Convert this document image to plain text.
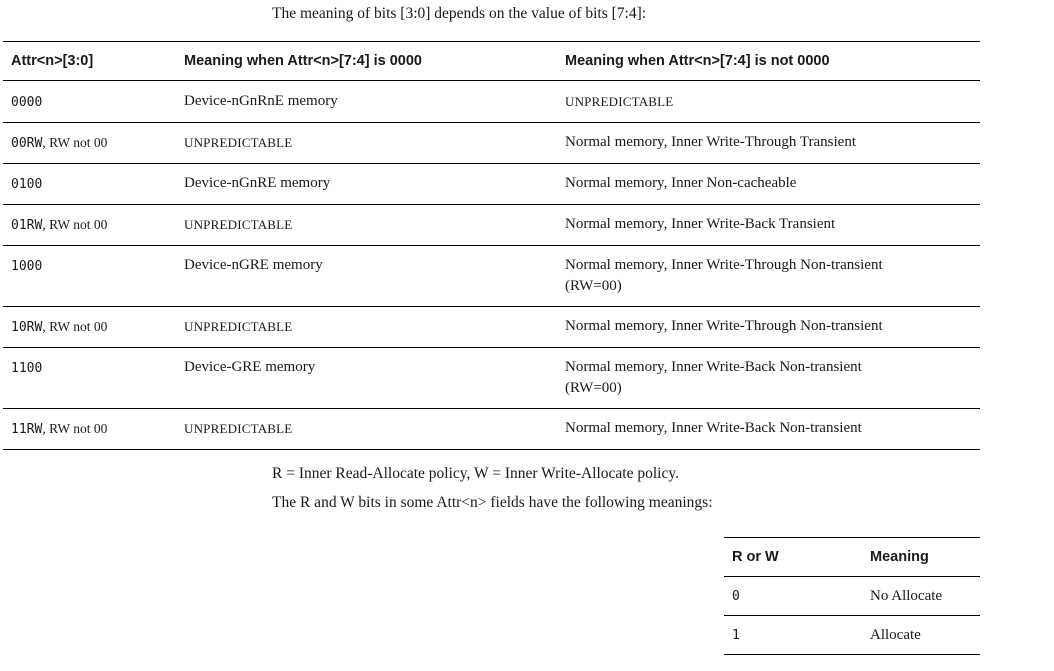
The meaning of bits [3:0] depends on the value of bits [7:4]:
Attr<n>[3:0]	Meaning when Attr<n>[7:4] is 0000	Meaning when Attr<n>[7:4] is not 0000
0000	Device-nGnRnE memory	UNPREDICTABLE
00RW, RW not 00	UNPREDICTABLE	Normal memory, Inner Write-Through Transient
0100	Device-nGnRE memory	Normal memory, Inner Non-cacheable
01RW, RW not 00	UNPREDICTABLE	Normal memory, Inner Write-Back Transient
1000	Device-nGRE memory	Normal memory, Inner Write-Through Non-transient
(RW=00)
10RW, RW not 00	UNPREDICTABLE	Normal memory, Inner Write-Through Non-transient
1100	Device-GRE memory	Normal memory, Inner Write-Back Non-transient
(RW=00)
11RW, RW not 00	UNPREDICTABLE	Normal memory, Inner Write-Back Non-transient
R = Inner Read-Allocate policy, W = Inner Write-Allocate policy.
The R and W bits in some Attr<n> fields have the following meanings:
R or W	Meaning
0	No Allocate
1	Allocate
